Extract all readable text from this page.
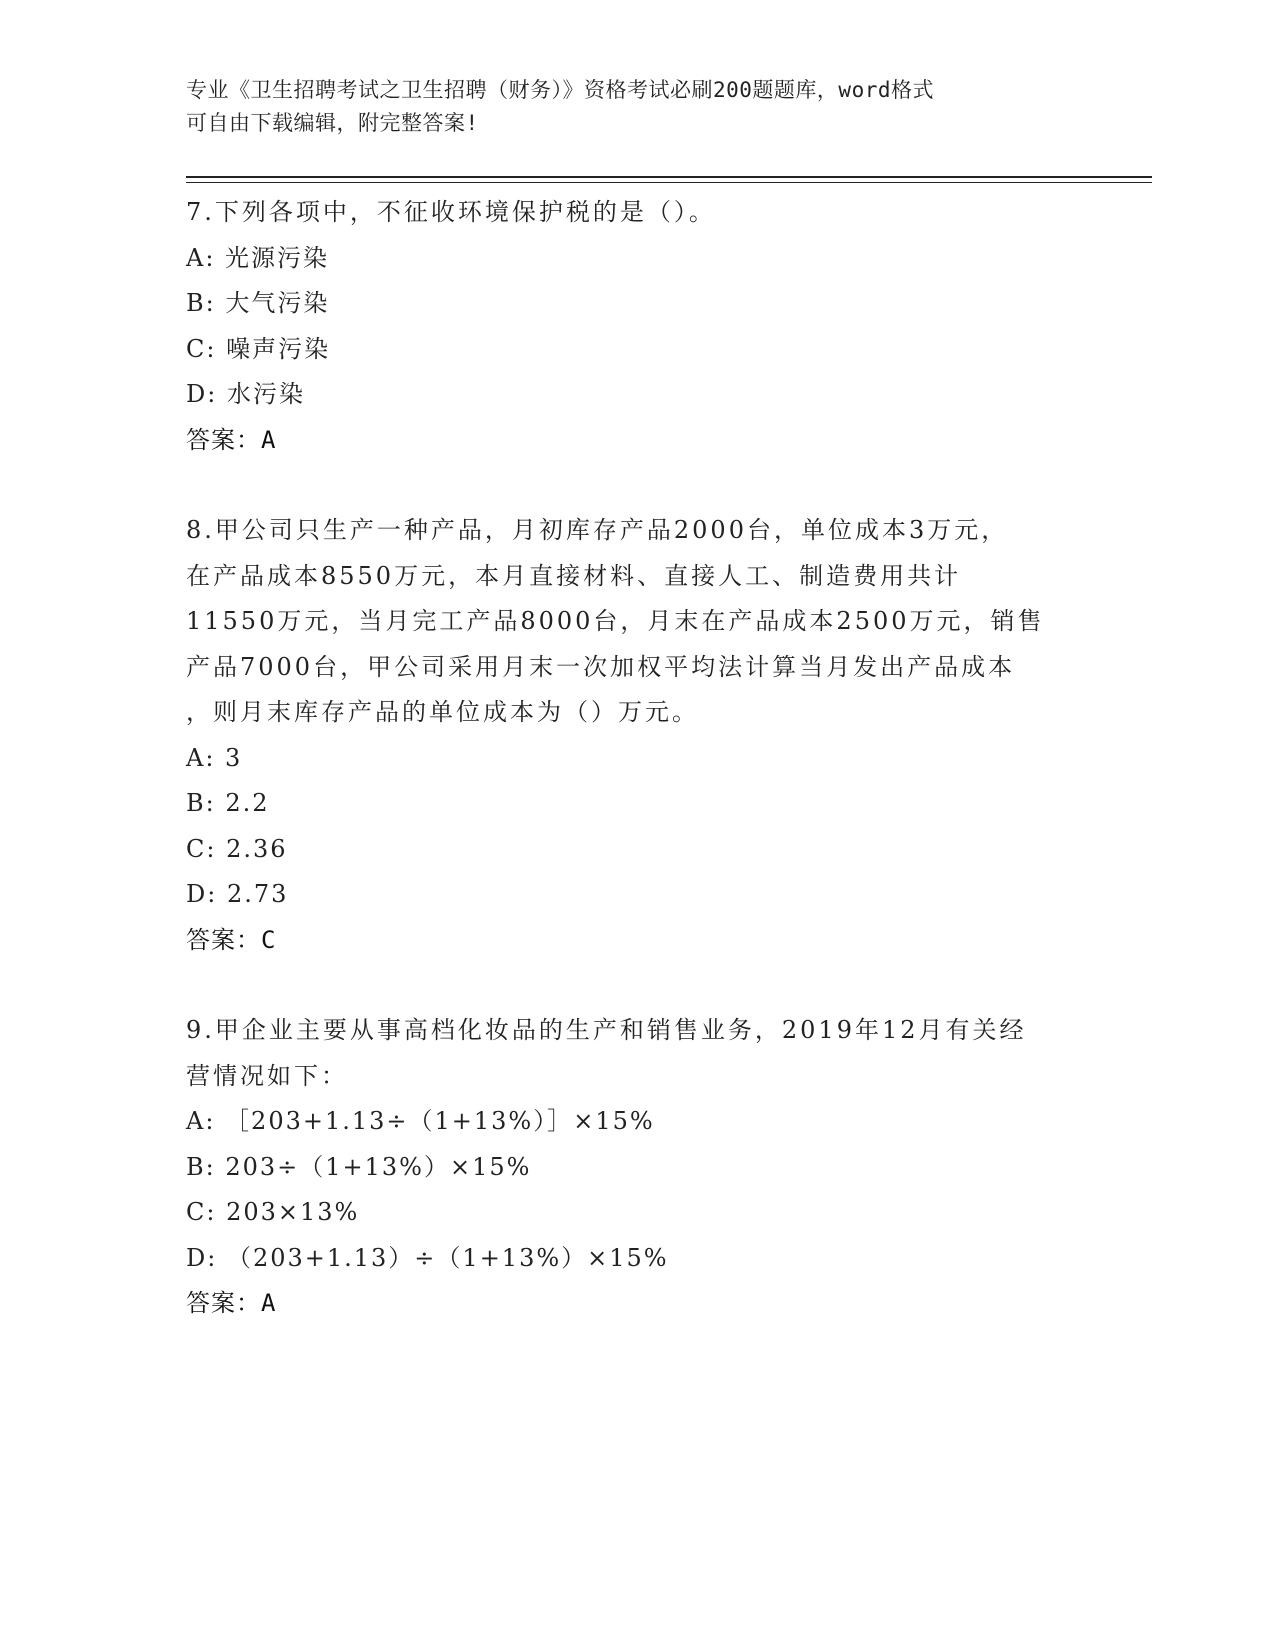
专业《卫生招聘考试之卫生招聘（财务）》资格考试必刷200题题库，word格式
可自由下载编辑，附完整答案!

7.下列各项中，不征收环境保护税的是（）。

A: 光源污染

B: 大气污染

C: 噪声污染

D: 水污染

答案：A

8.甲公司只生产一种产品，月初库存产品2000台，单位成本3万元，

在产品成本8550万元，本月直接材料、直接人工、制造费用共计

11550万元，当月完工产品8000台，月末在产品成本2500万元，销售

产品7000台，甲公司采用月末一次加权平均法计算当月发出产品成本

，则月末库存产品的单位成本为（）万元。

A: 3

B: 2.2

C: 2.36

D: 2.73

答案：C

9.甲企业主要从事高档化妆品的生产和销售业务，2019年12月有关经

营情况如下：

A: ［203+1.13÷（1+13%）］×15%

B: 203÷（1+13%）×15%

C: 203×13%

D: （203+1.13）÷（1+13%）×15%

答案：A
